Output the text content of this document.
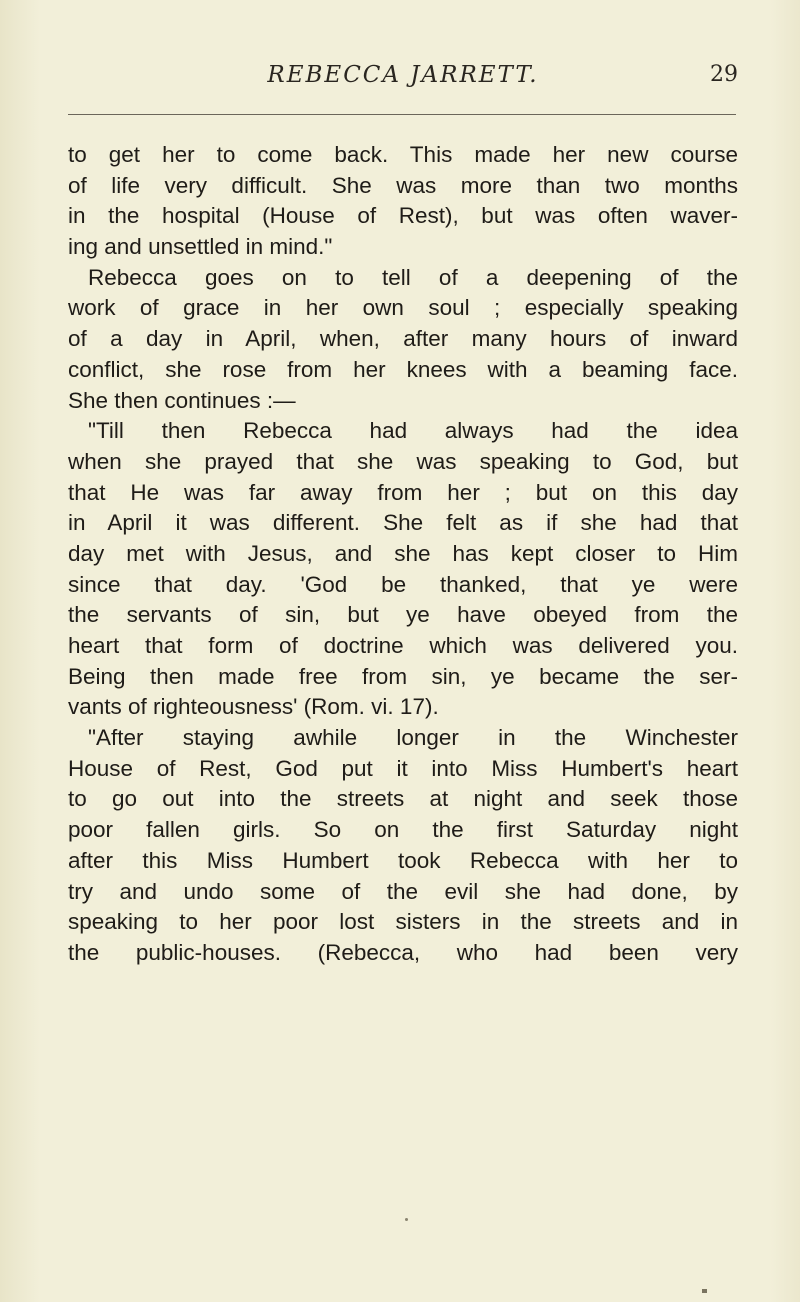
REBECCA JARRETT.	29
to get her to come back. This made her new course
of life very difficult. She was more than two months
in the hospital (House of Rest), but was often waver-
ing and unsettled in mind."
Rebecca goes on to tell of a deepening of the
work of grace in her own soul ; especially speaking
of a day in April, when, after many hours of inward
conflict, she rose from her knees with a beaming face.
She then continues :—
"Till then Rebecca had always had the idea
when she prayed that she was speaking to God, but
that He was far away from her ; but on this day
in April it was different. She felt as if she had that
day met with Jesus, and she has kept closer to Him
since that day. 'God be thanked, that ye were
the servants of sin, but ye have obeyed from the
heart that form of doctrine which was delivered you.
Being then made free from sin, ye became the ser-
vants of righteousness' (Rom. vi. 17).
"After staying awhile longer in the Winchester
House of Rest, God put it into Miss Humbert's heart
to go out into the streets at night and seek those
poor fallen girls. So on the first Saturday night
after this Miss Humbert took Rebecca with her to
try and undo some of the evil she had done, by
speaking to her poor lost sisters in the streets and in
the public-houses. (Rebecca, who had been very
